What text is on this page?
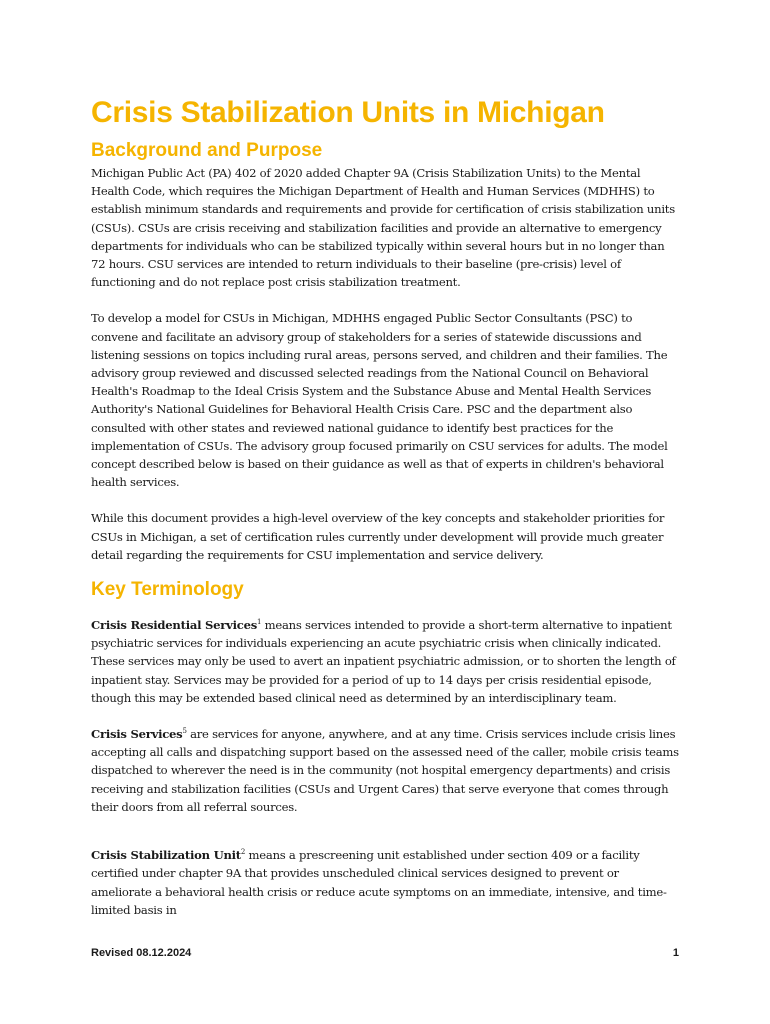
Crisis Stabilization Units in Michigan
Background and Purpose

Michigan Public Act (PA) 402 of 2020 added Chapter 9A (Crisis Stabilization Units) to the Mental Health Code, which requires the Michigan Department of Health and Human Services (MDHHS) to establish minimum standards and requirements and provide for certification of crisis stabilization units (CSUs). CSUs are crisis receiving and stabilization facilities and provide an alternative to emergency departments for individuals who can be stabilized typically within several hours but in no longer than 72 hours. CSU services are intended to return individuals to their baseline (pre-crisis) level of functioning and do not replace post crisis stabilization treatment.

To develop a model for CSUs in Michigan, MDHHS engaged Public Sector Consultants (PSC) to convene and facilitate an advisory group of stakeholders for a series of statewide discussions and listening sessions on topics including rural areas, persons served, and children and their families. The advisory group reviewed and discussed selected readings from the National Council on Behavioral Health's Roadmap to the Ideal Crisis System and the Substance Abuse and Mental Health Services Authority's National Guidelines for Behavioral Health Crisis Care. PSC and the department also consulted with other states and reviewed national guidance to identify best practices for the implementation of CSUs. The advisory group focused primarily on CSU services for adults. The model concept described below is based on their guidance as well as that of experts in children's behavioral health services.

While this document provides a high-level overview of the key concepts and stakeholder priorities for CSUs in Michigan, a set of certification rules currently under development will provide much greater detail regarding the requirements for CSU implementation and service delivery.

Key Terminology

Crisis Residential Services$^1$ means services intended to provide a short-term alternative to inpatient psychiatric services for individuals experiencing an acute psychiatric crisis when clinically indicated. These services may only be used to avert an inpatient psychiatric admission, or to shorten the length of inpatient stay. Services may be provided for a period of up to 14 days per crisis residential episode, though this may be extended based clinical need as determined by an interdisciplinary team.

Crisis Services$^5$ are services for anyone, anywhere, and at any time. Crisis services include crisis lines accepting all calls and dispatching support based on the assessed need of the caller, mobile crisis teams dispatched to wherever the need is in the community (not hospital emergency departments) and crisis receiving and stabilization facilities (CSUs and Urgent Cares) that serve everyone that comes through their doors from all referral sources.

Crisis Stabilization Unit$^2$ means a prescreening unit established under section 409 or a facility certified under chapter 9A that provides unscheduled clinical services designed to prevent or ameliorate a behavioral health crisis or reduce acute symptoms on an immediate, intensive, and time-limited basis in

Revised 08.12.2024	1
